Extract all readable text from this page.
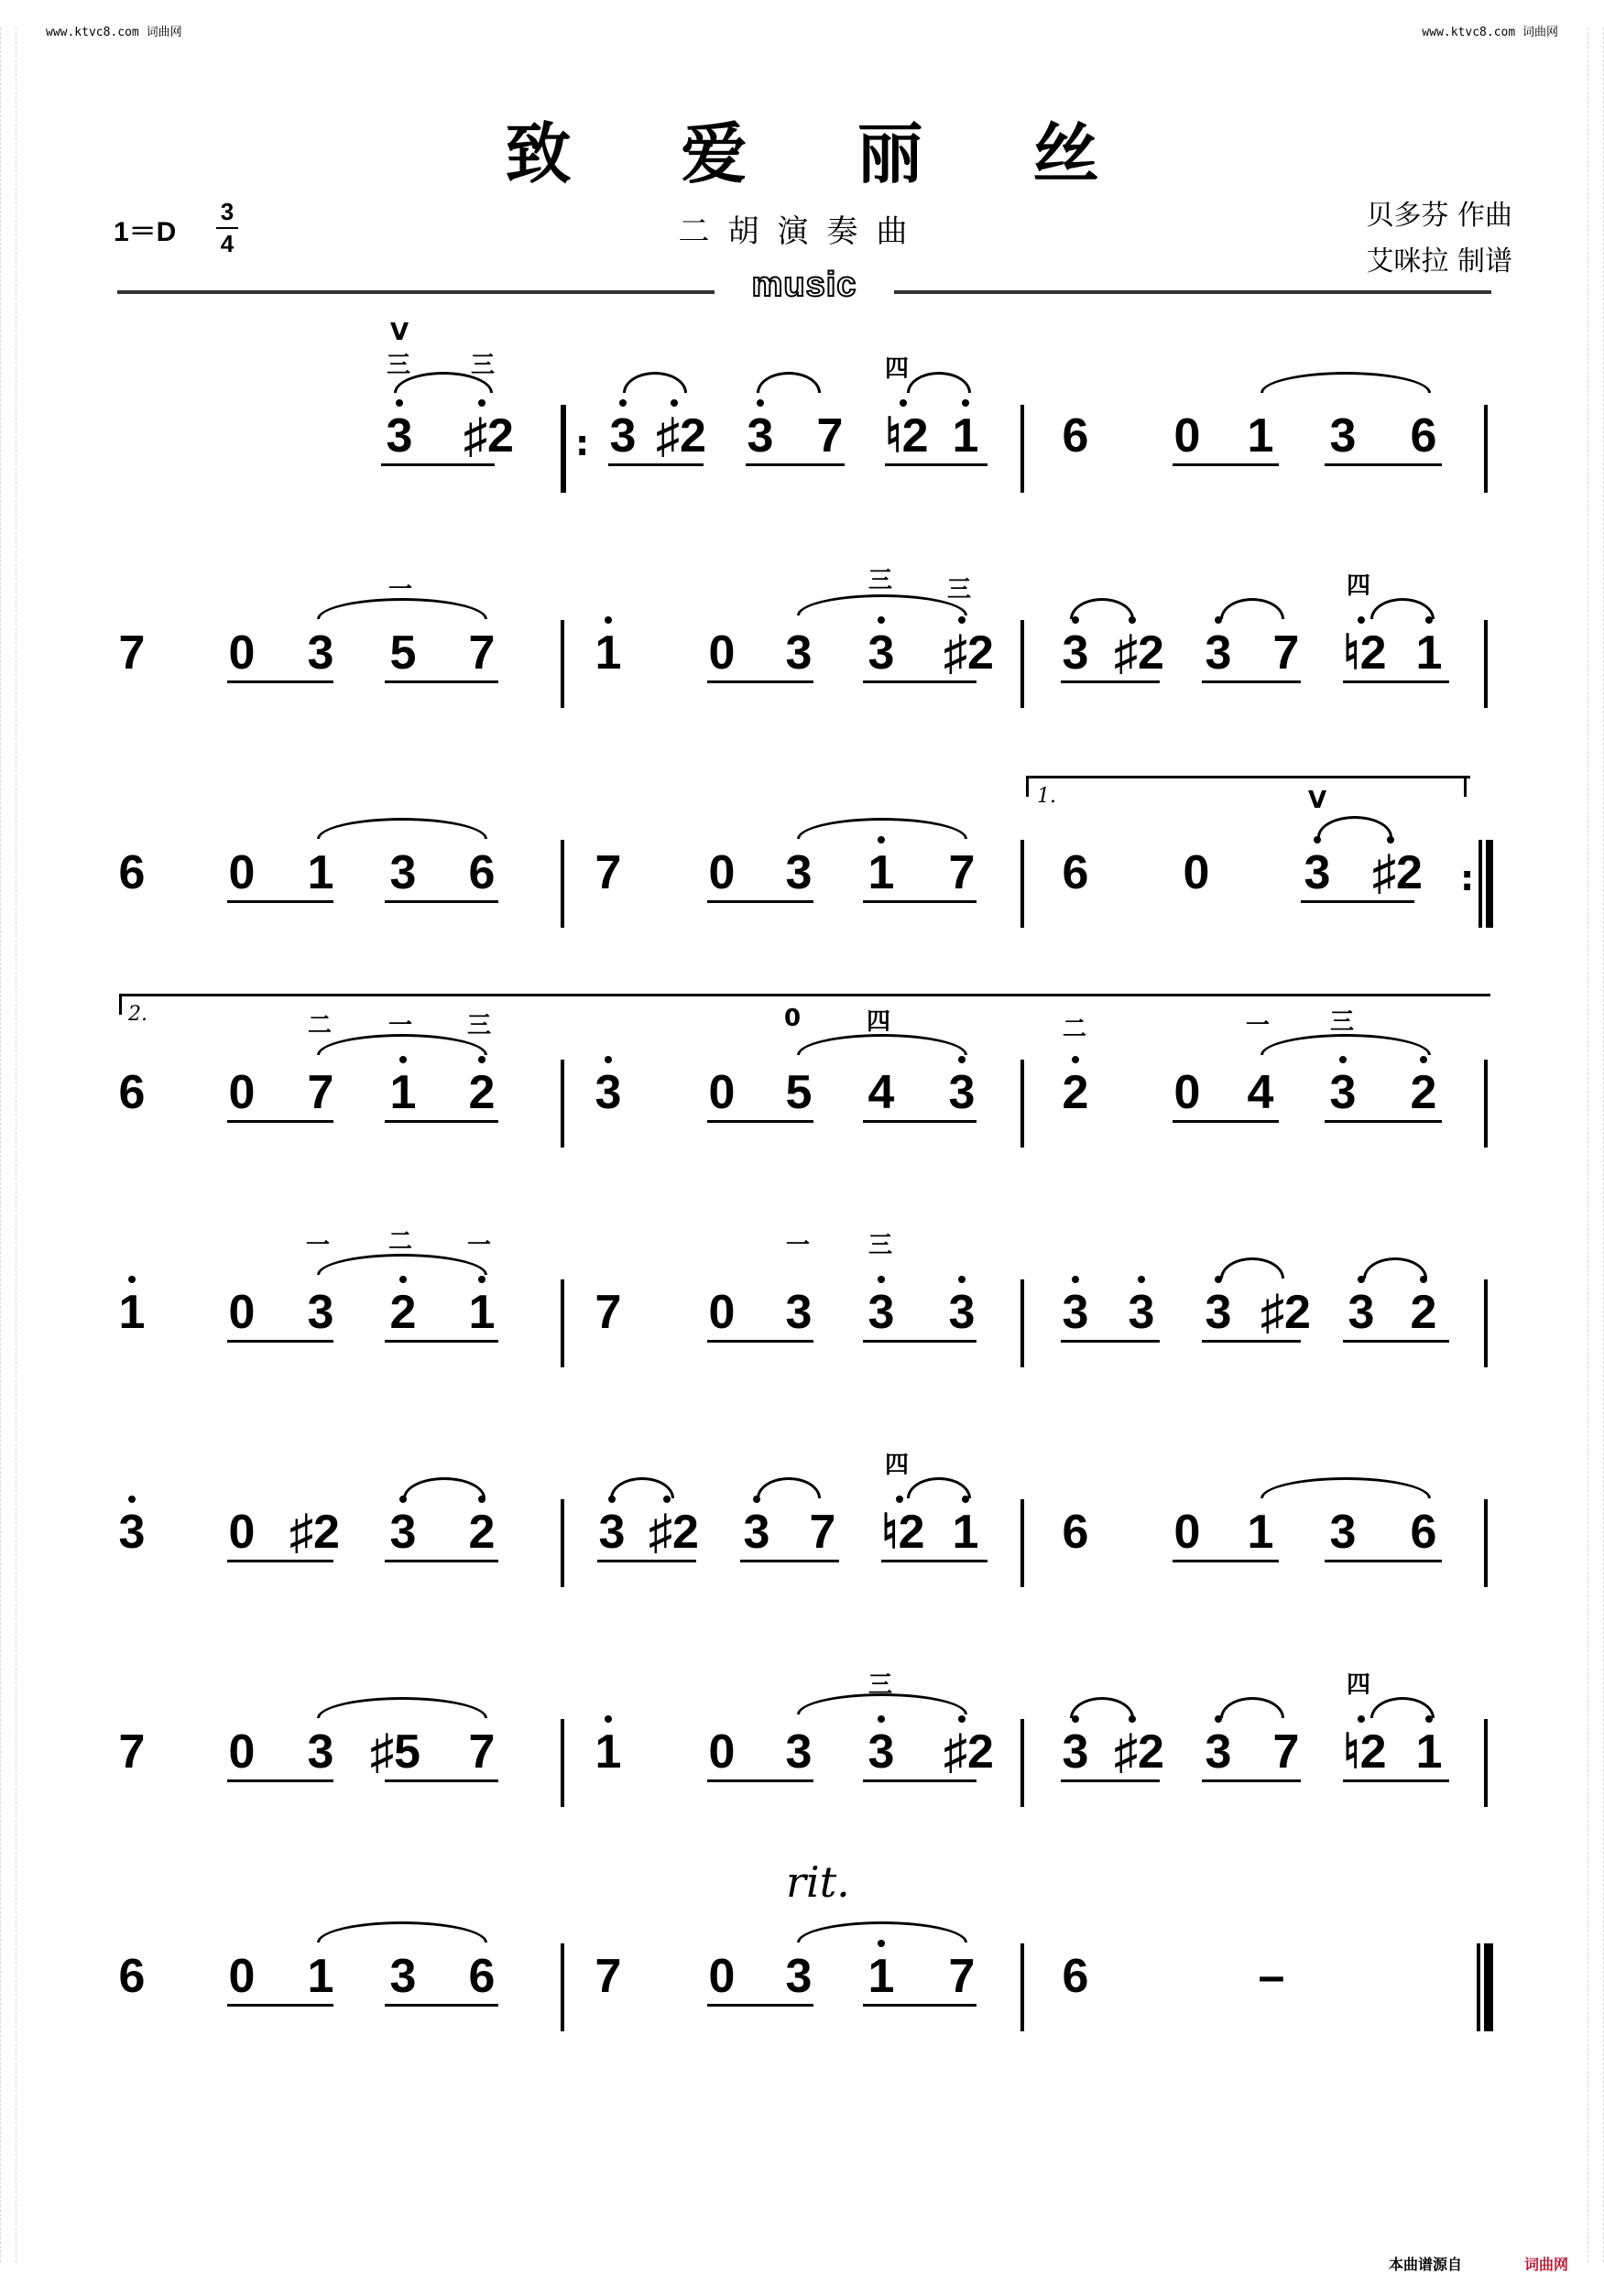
www.ktvc8.com 词曲网	www.ktvc8.com 词曲网
致爱丽丝
二胡演奏曲
1＝D
3
4
贝多芬 作曲
艾咪拉 制谱
music
V
三	三
3 ♯2 : 3 ♯2 3 7
四
♮2 1 6 0 1 3 6
7 0 3
一
5 7 1 0 3
三 三
3 ♯2 3 ♯2 3 7
四
♮2 1
6 0 1 3 6 7 0 3 1 7
1.
6 0
V
3 ♯2 :
2.
6 0
二 一 三
7 1 2 3 0
0	四
5 4 3
二
2 0
一	三
4 3 2
1 0
一 二 一
3 2 1 7 0
一 三
3 3 3 3 3 3 ♯2 3 2
3 0 ♯2 3 2 3 ♯2 3 7
四
♮2 1 6 0 1 3 6
7 0 3 ♯5 7 1 0
三
3 3 ♯2 3 ♯2 3 7
四
♮2 1
rit.
6 0 1 3 6 7 0 3 1 7 6	–
本曲谱源自	词曲网
